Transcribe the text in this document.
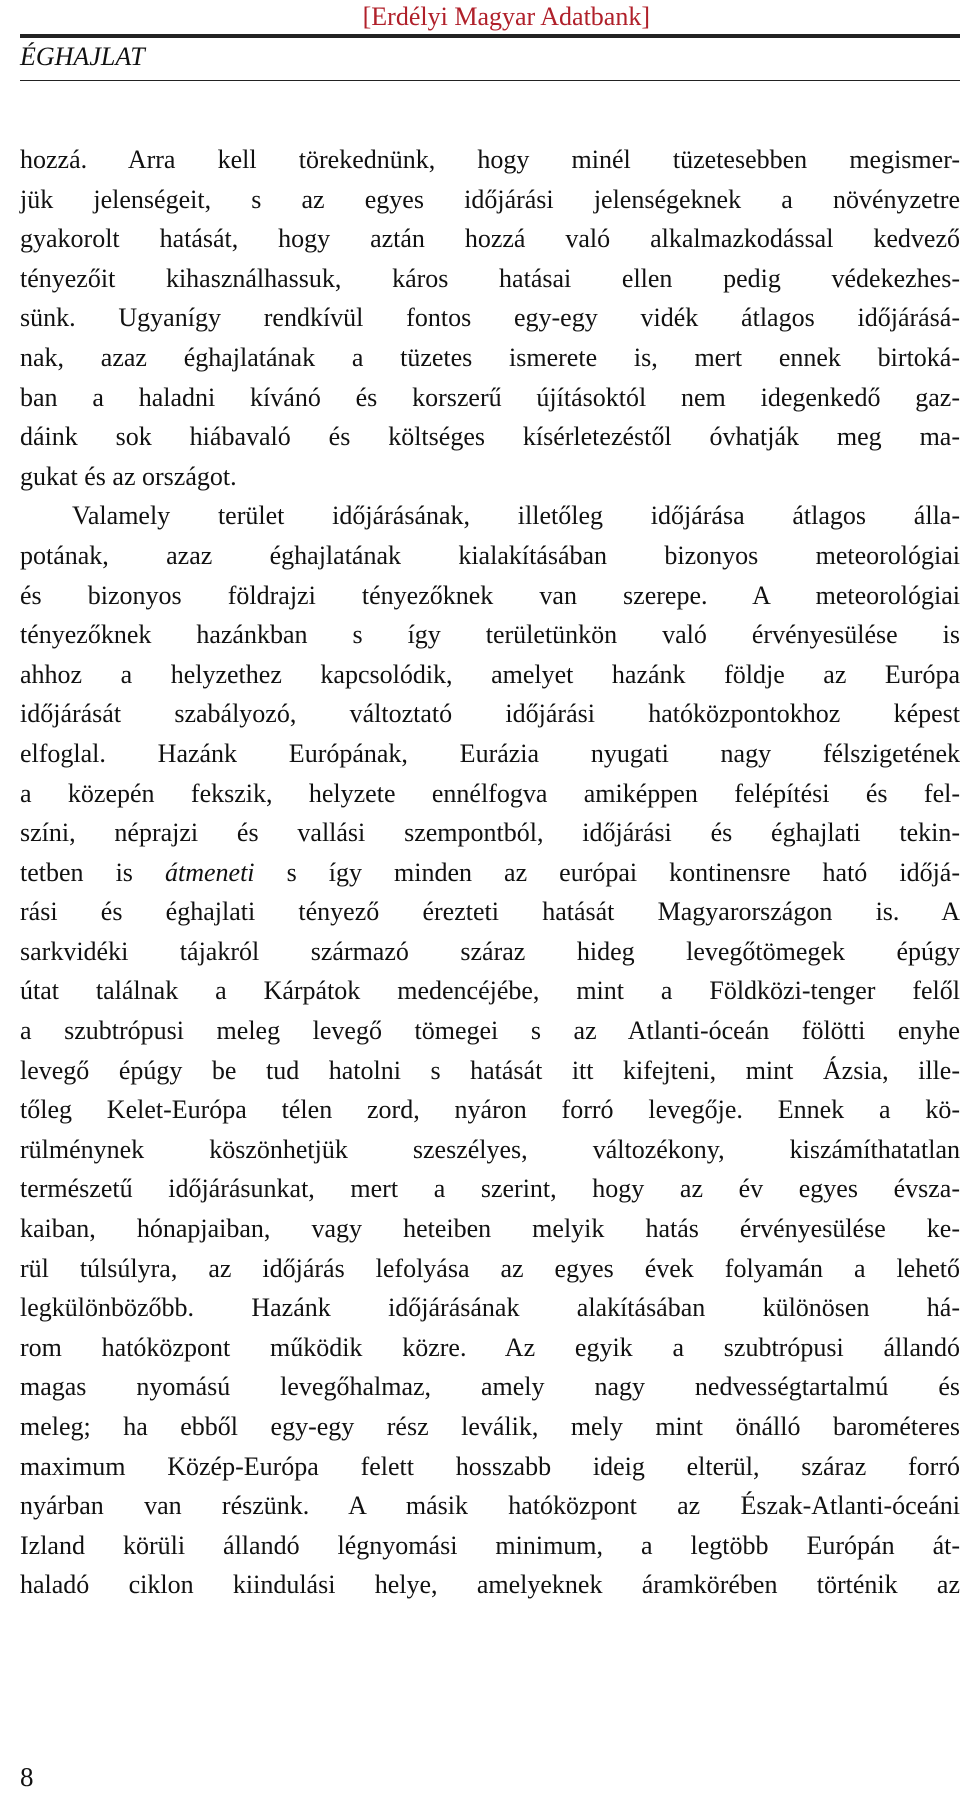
[Erdélyi Magyar Adatbank]
ÉGHAJLAT
hozzá. Arra kell törekednünk, hogy minél tüzetesebben megismer-
jük jelenségeit, s az egyes időjárási jelenségeknek a növényzetre
gyakorolt hatását, hogy aztán hozzá való alkalmazkodással kedvező
tényezőit kihasználhassuk, káros hatásai ellen pedig védekezhes-
sünk. Ugyanígy rendkívül fontos egy-egy vidék átlagos időjárásá-
nak, azaz éghajlatának a tüzetes ismerete is, mert ennek birtoká-
ban a haladni kívánó és korszerű újításoktól nem idegenkedő gaz-
dáink sok hiábavaló és költséges kísérletezéstől óvhatják meg ma-
gukat és az országot.
Valamely terület időjárásának, illetőleg időjárása átlagos álla-
potának, azaz éghajlatának kialakításában bizonyos meteorológiai
és bizonyos földrajzi tényezőknek van szerepe. A meteorológiai
tényezőknek hazánkban s így területünkön való érvényesülése is
ahhoz a helyzethez kapcsolódik, amelyet hazánk földje az Európa
időjárását szabályozó, változtató időjárási hatóközpontokhoz képest
elfoglal. Hazánk Európának, Eurázia nyugati nagy félszigetének
a közepén fekszik, helyzete ennélfogva amiképpen felépítési és fel-
színi, néprajzi és vallási szempontból, időjárási és éghajlati tekin-
tetben is átmeneti s így minden az európai kontinensre ható időjá-
rási és éghajlati tényező érezteti hatását Magyarországon is. A
sarkvidéki tájakról származó száraz hideg levegőtömegek épúgy
útat találnak a Kárpátok medencéjébe, mint a Földközi-tenger felől
a szubtrópusi meleg levegő tömegei s az Atlanti-óceán fölötti enyhe
levegő épúgy be tud hatolni s hatását itt kifejteni, mint Ázsia, ille-
tőleg Kelet-Európa télen zord, nyáron forró levegője. Ennek a kö-
rülménynek köszönhetjük szeszélyes, változékony, kiszámíthatatlan
természetű időjárásunkat, mert a szerint, hogy az év egyes évsza-
kaiban, hónapjaiban, vagy heteiben melyik hatás érvényesülése ke-
rül túlsúlyra, az időjárás lefolyása az egyes évek folyamán a lehető
legkülönbözőbb. Hazánk időjárásának alakításában különösen há-
rom hatóközpont működik közre. Az egyik a szubtrópusi állandó
magas nyomású levegőhalmaz, amely nagy nedvességtartalmú és
meleg; ha ebből egy-egy rész leválik, mely mint önálló barométeres
maximum Közép-Európa felett hosszabb ideig elterül, száraz forró
nyárban van részünk. A másik hatóközpont az Észak-Atlanti-óceáni
Izland körüli állandó légnyomási minimum, a legtöbb Európán át-
haladó ciklon kiindulási helye, amelyeknek áramkörében történik az
8
